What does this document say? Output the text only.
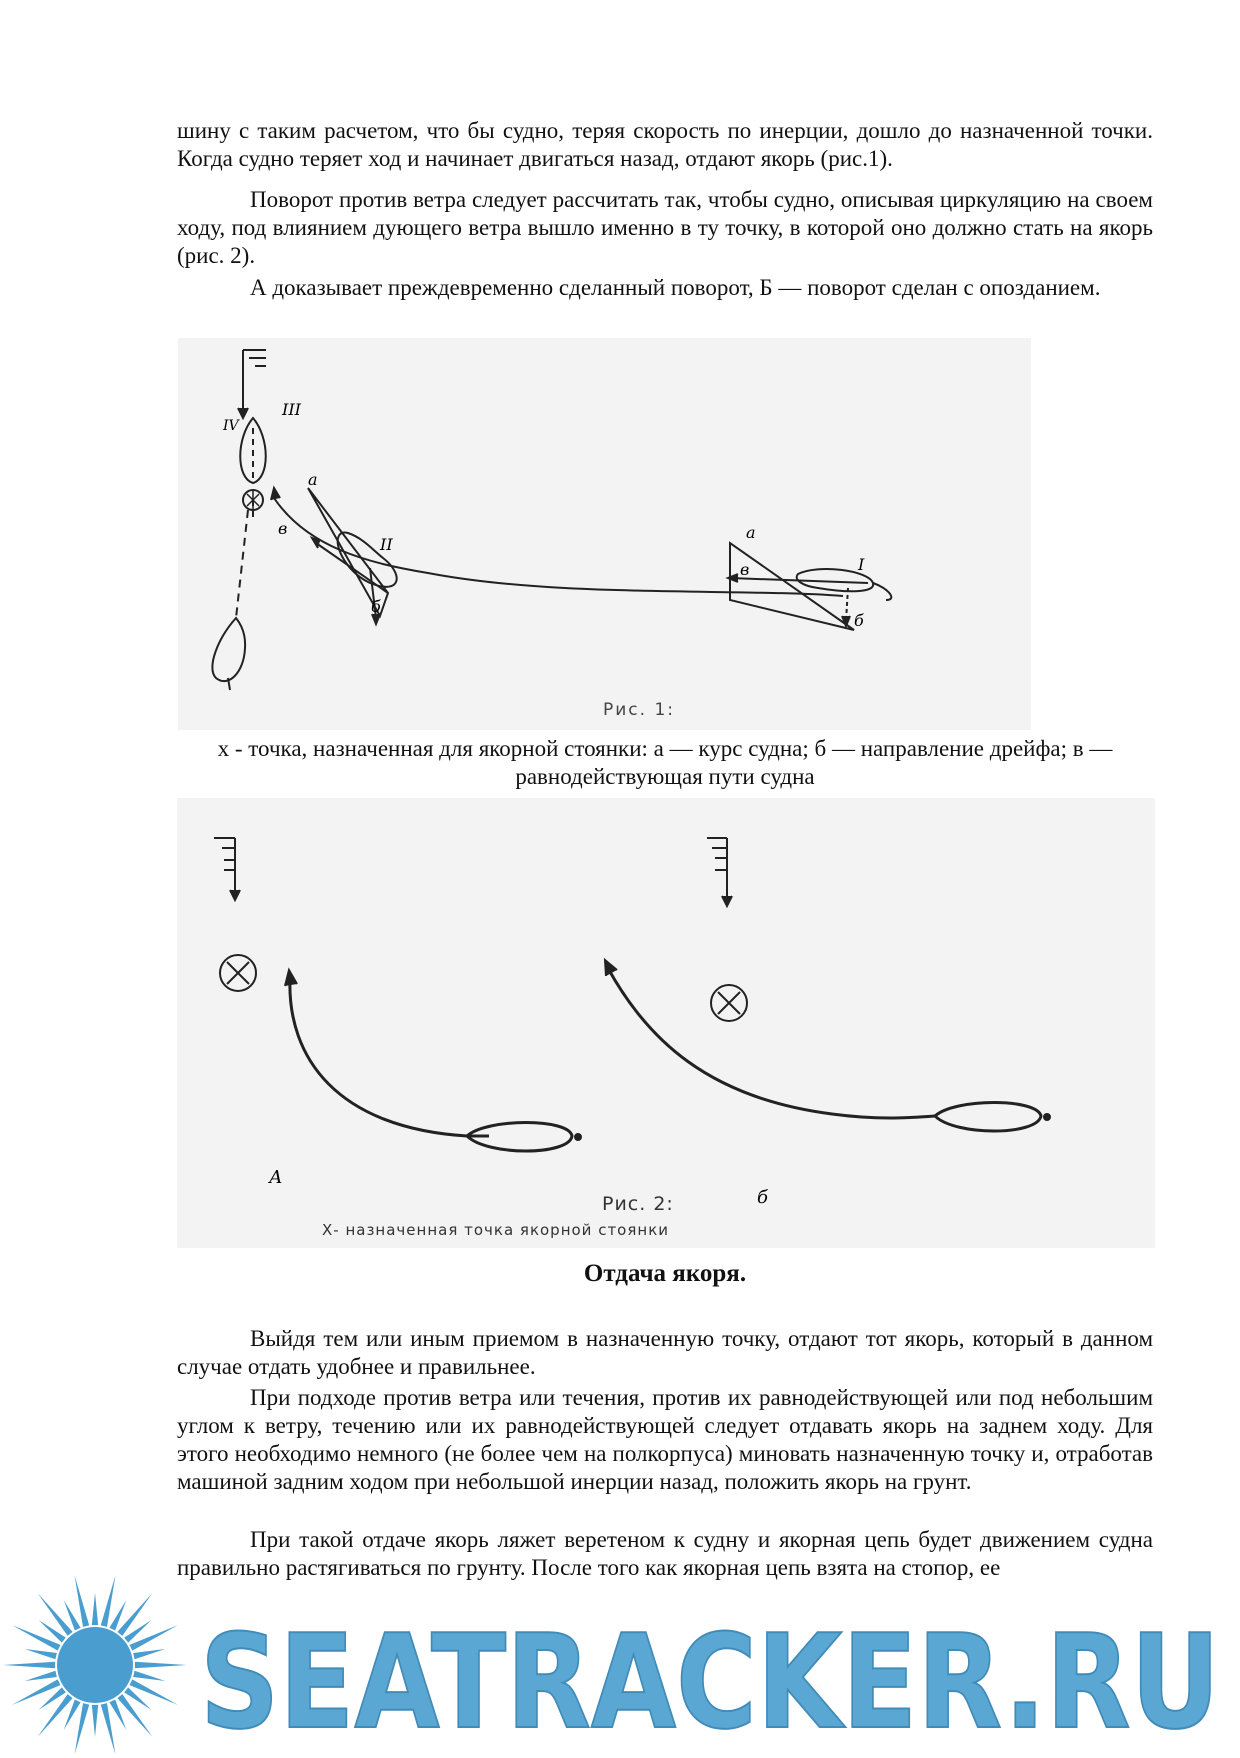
шину с таким расчетом, что бы судно, теряя скорость по инерции, дошло до назначенной точки. Когда судно теряет ход и начинает двигаться назад, отдают якорь (рис.1).
Поворот против ветра следует рассчитать так, чтобы судно, описывая циркуляцию на своем ходу, под влиянием дующего ветра вышло именно в ту точку, в которой оно должно стать на якорь (рис. 2).
А доказывает преждевременно сделанный поворот, Б — поворот сделан с опозданием.
III
IV
а
в
II
б
а
в	I
б
Рис. 1:
х - точка, назначенная для якорной стоянки: а — курс судна; б — направление дрейфа; в — равнодействующая пути судна
А
б
Рис. 2:
Х- назначенная точка якорной стоянки
Отдача якоря.
Выйдя тем или иным приемом в назначенную точку, отдают тот якорь, который в данном случае отдать удобнее и правильнее.
При подходе против ветра или течения, против их равнодействующей или под небольшим углом к ветру, течению или их равнодействующей следует отдавать якорь на заднем ходу. Для этого необходимо немного (не более чем на полкорпуса) миновать назначенную точку и, отработав машиной задним ходом при небольшой инерции назад, положить якорь на грунт.
При такой отдаче якорь ляжет веретеном к судну и якорная цепь будет движением судна правильно растягиваться по грунту. После того как якорная цепь взята на стопор, ее
SEATRACKER.RU
